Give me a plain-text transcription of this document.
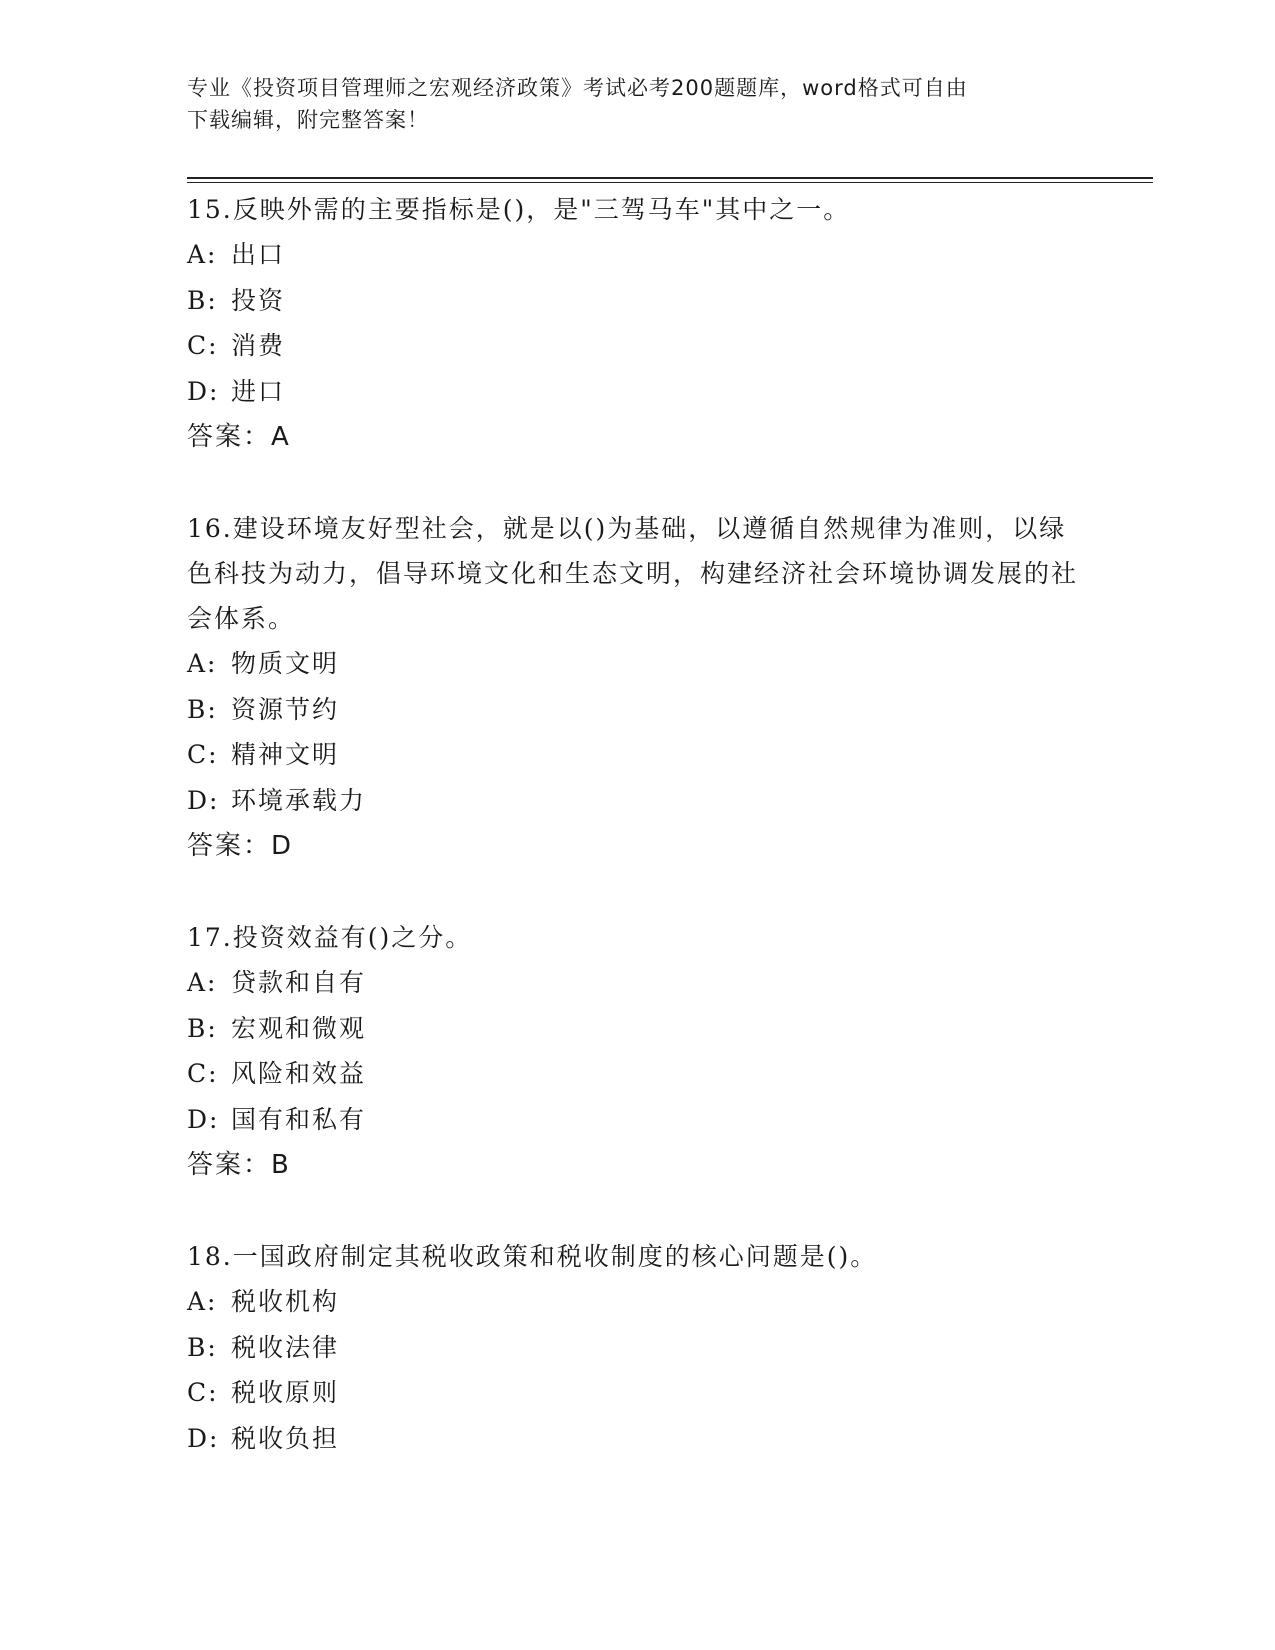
专业《投资项目管理师之宏观经济政策》考试必考200题题库，word格式可自由
下载编辑，附完整答案！
15.反映外需的主要指标是()，是"三驾马车"其中之一。
A: 出口
B: 投资
C: 消费
D: 进口
答案：A
16.建设环境友好型社会，就是以()为基础，以遵循自然规律为准则，以绿色科技为动力，倡导环境文化和生态文明，构建经济社会环境协调发展的社会体系。
A: 物质文明
B: 资源节约
C: 精神文明
D: 环境承载力
答案：D
17.投资效益有()之分。
A: 贷款和自有
B: 宏观和微观
C: 风险和效益
D: 国有和私有
答案：B
18.一国政府制定其税收政策和税收制度的核心问题是()。
A: 税收机构
B: 税收法律
C: 税收原则
D: 税收负担
